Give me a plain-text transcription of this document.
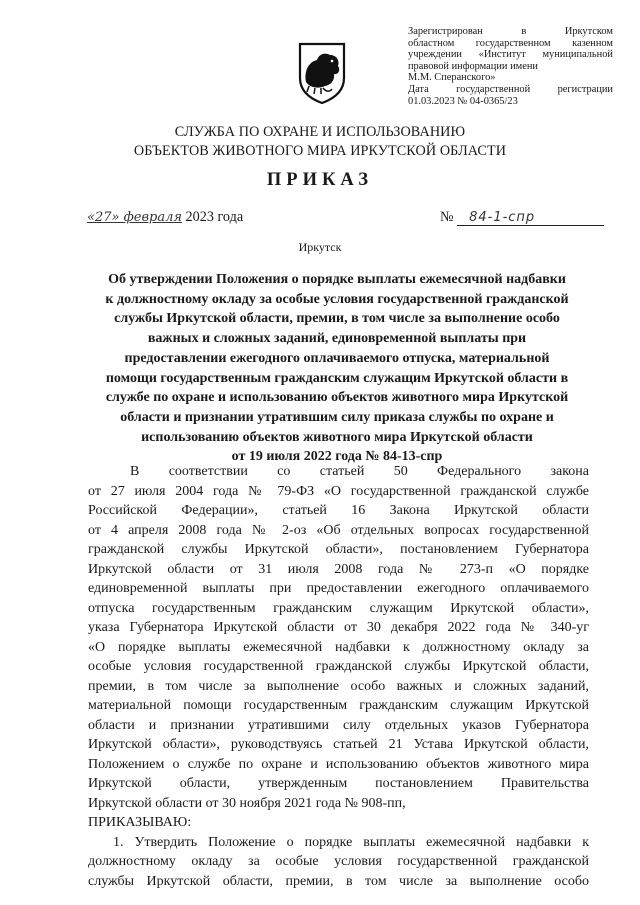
Зарегистрирован в Иркутском
областном государственном казенном
учреждении «Институт муниципальной
правовой информации имени
М.М. Сперанского»
Дата государственной регистрации
01.03.2023 № 04-0365/23
СЛУЖБА ПО ОХРАНЕ И ИСПОЛЬЗОВАНИЮ
ОБЪЕКТОВ ЖИВОТНОГО МИРА ИРКУТСКОЙ ОБЛАСТИ
ПРИКАЗ
«27» февраля 2023 года	№ 84-1-спр
Иркутск
Об утверждении Положения о порядке выплаты ежемесячной надбавки
к должностному окладу за особые условия государственной гражданской
службы Иркутской области, премии, в том числе за выполнение особо
важных и сложных заданий, единовременной выплаты при
предоставлении ежегодного оплачиваемого отпуска, материальной
помощи государственным гражданским служащим Иркутской области в
службе по охране и использованию объектов животного мира Иркутской
области и признании утратившим силу приказа службы по охране и
использованию объектов животного мира Иркутской области
от 19 июля 2022 года № 84-13-спр
В соответствии со статьей 50 Федерального закона
от 27 июля 2004 года № 79-ФЗ «О государственной гражданской службе
Российской Федерации», статьей 16 Закона Иркутской области
от 4 апреля 2008 года № 2-оз «Об отдельных вопросах государственной
гражданской службы Иркутской области», постановлением Губернатора
Иркутской области от 31 июля 2008 года № 273-п «О порядке
единовременной выплаты при предоставлении ежегодного оплачиваемого
отпуска государственным гражданским служащим Иркутской области»,
указа Губернатора Иркутской области от 30 декабря 2022 года № 340-уг
«О порядке выплаты ежемесячной надбавки к должностному окладу за
особые условия государственной гражданской службы Иркутской области,
премии, в том числе за выполнение особо важных и сложных заданий,
материальной помощи государственным гражданским служащим Иркутской
области и признании утратившими силу отдельных указов Губернатора
Иркутской области», руководствуясь статьей 21 Устава Иркутской области,
Положением о службе по охране и использованию объектов животного мира
Иркутской области, утвержденным постановлением Правительства
Иркутской области от 30 ноября 2021 года № 908-пп,
ПРИКАЗЫВАЮ:
1. Утвердить Положение о порядке выплаты ежемесячной надбавки к
должностному окладу за особые условия государственной гражданской
службы Иркутской области, премии, в том числе за выполнение особо
